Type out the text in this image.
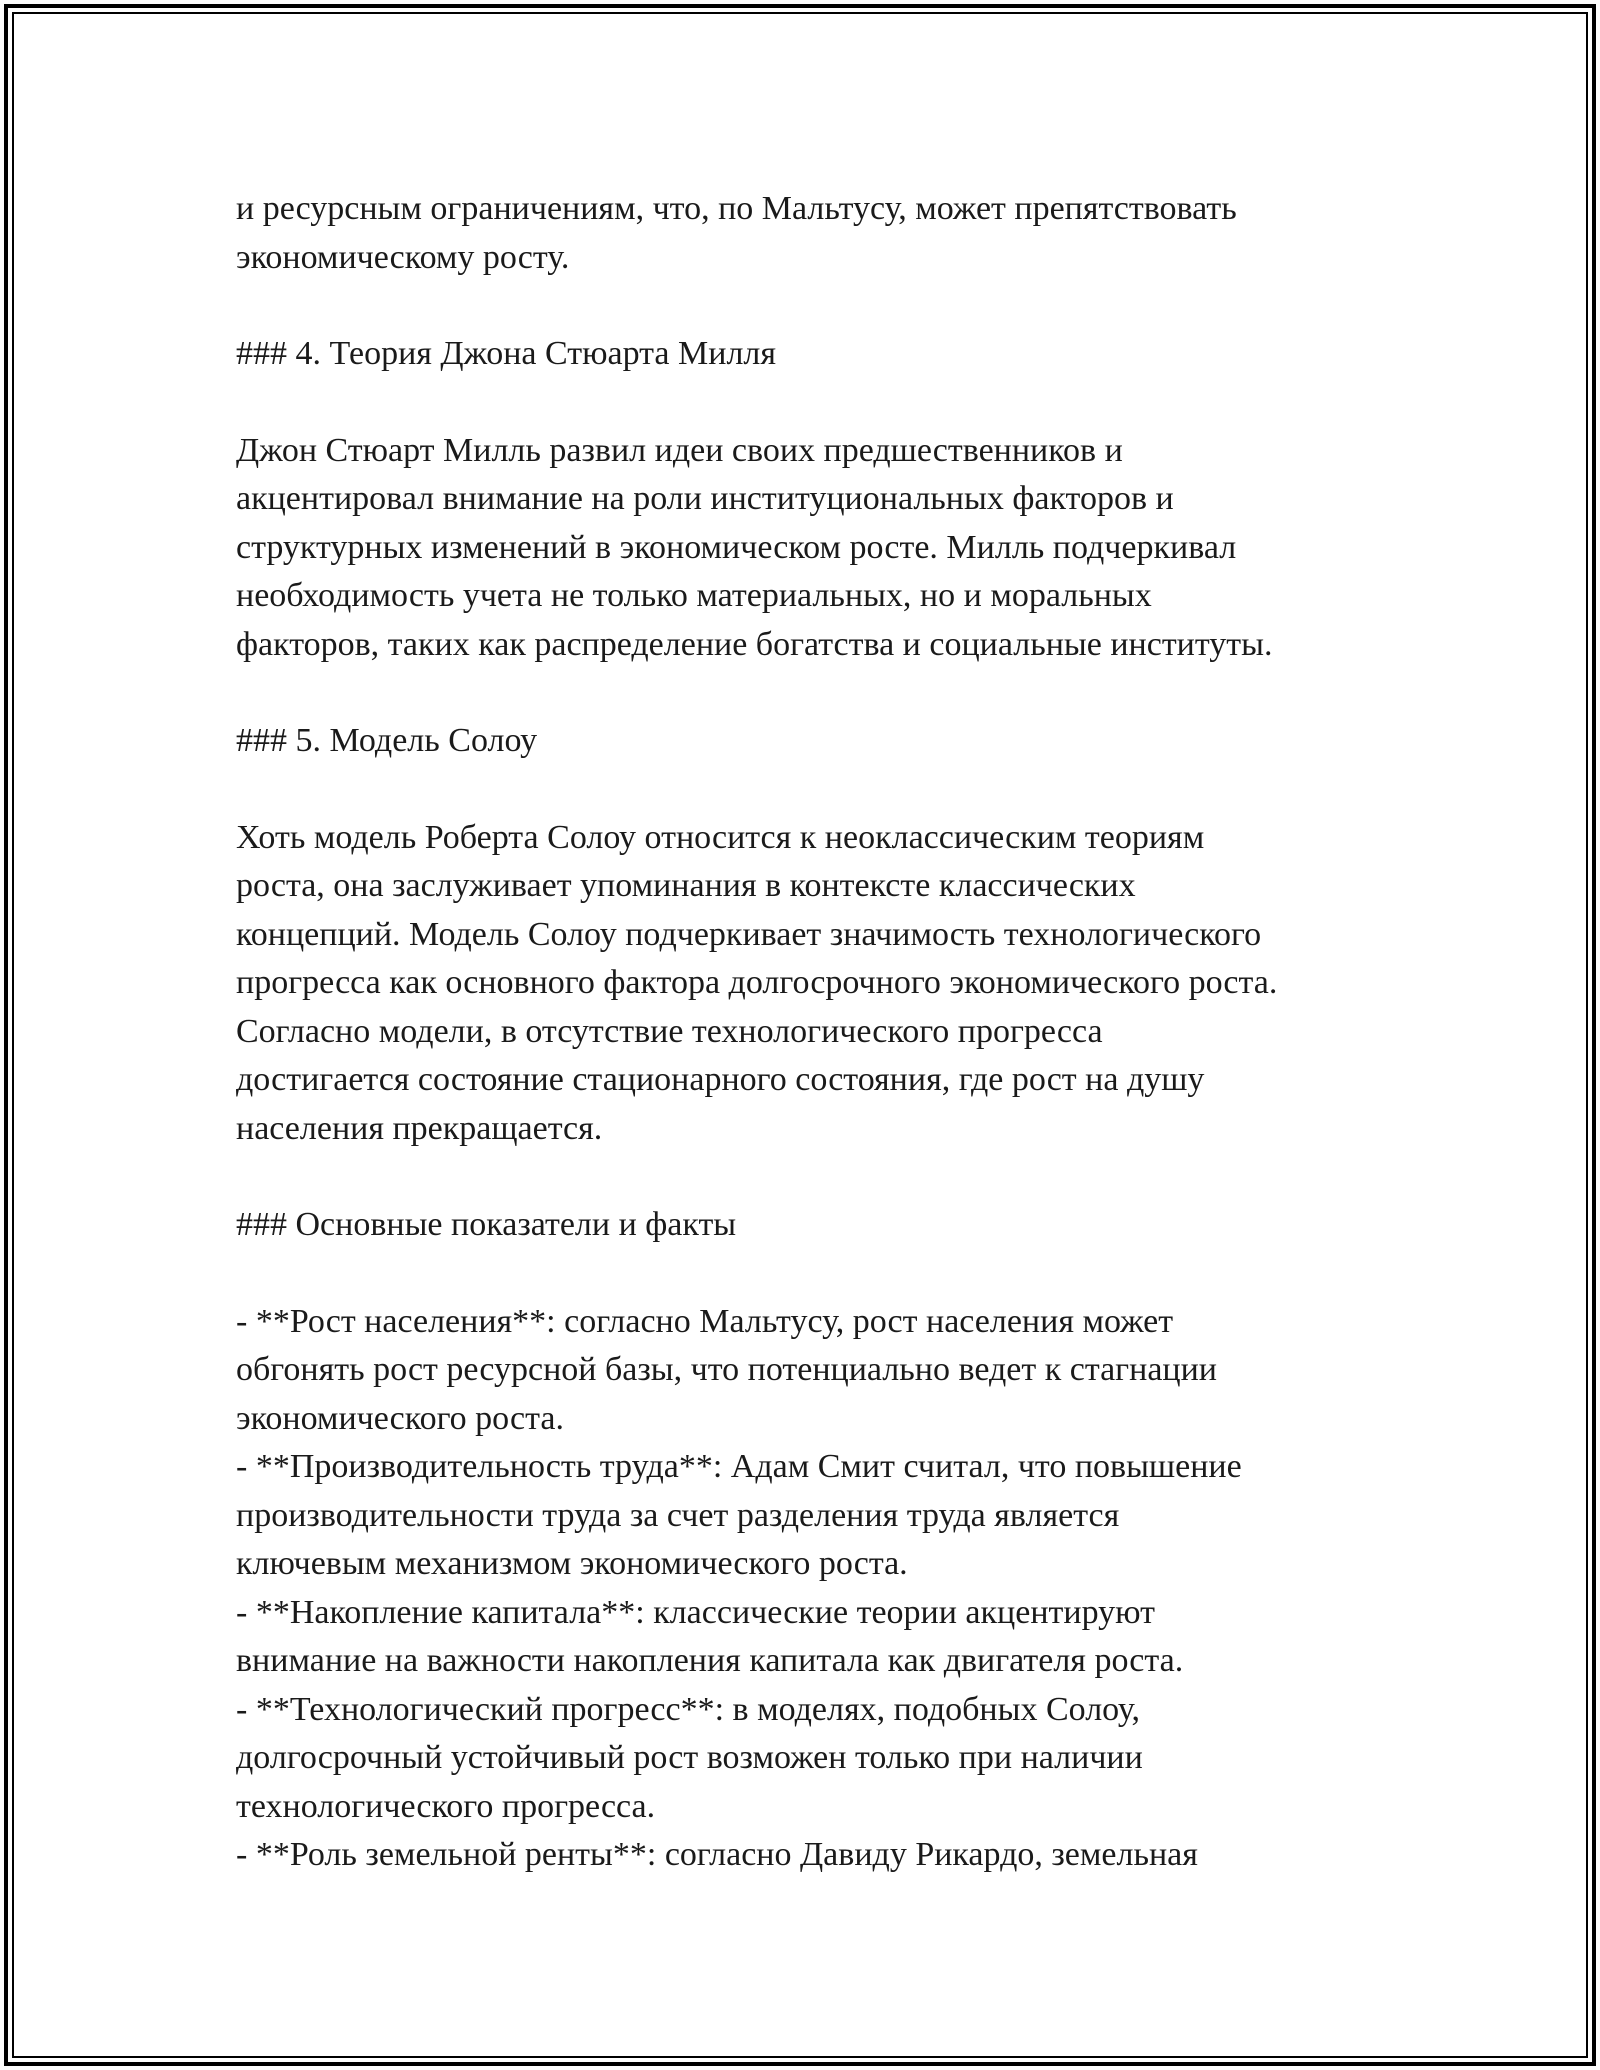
и ресурсным ограничениям, что, по Мальтусу, может препятствовать
экономическому росту.
### 4. Теория Джона Стюарта Милля
Джон Стюарт Милль развил идеи своих предшественников и
акцентировал внимание на роли институциональных факторов и
структурных изменений в экономическом росте. Милль подчеркивал
необходимость учета не только материальных, но и моральных
факторов, таких как распределение богатства и социальные институты.
### 5. Модель Солоу
Хоть модель Роберта Солоу относится к неоклассическим теориям
роста, она заслуживает упоминания в контексте классических
концепций. Модель Солоу подчеркивает значимость технологического
прогресса как основного фактора долгосрочного экономического роста.
Согласно модели, в отсутствие технологического прогресса
достигается состояние стационарного состояния, где рост на душу
населения прекращается.
### Основные показатели и факты
- **Рост населения**: согласно Мальтусу, рост населения может
обгонять рост ресурсной базы, что потенциально ведет к стагнации
экономического роста.
- **Производительность труда**: Адам Смит считал, что повышение
производительности труда за счет разделения труда является
ключевым механизмом экономического роста.
- **Накопление капитала**: классические теории акцентируют
внимание на важности накопления капитала как двигателя роста.
- **Технологический прогресс**: в моделях, подобных Солоу,
долгосрочный устойчивый рост возможен только при наличии
технологического прогресса.
- **Роль земельной ренты**: согласно Давиду Рикардо, земельная
